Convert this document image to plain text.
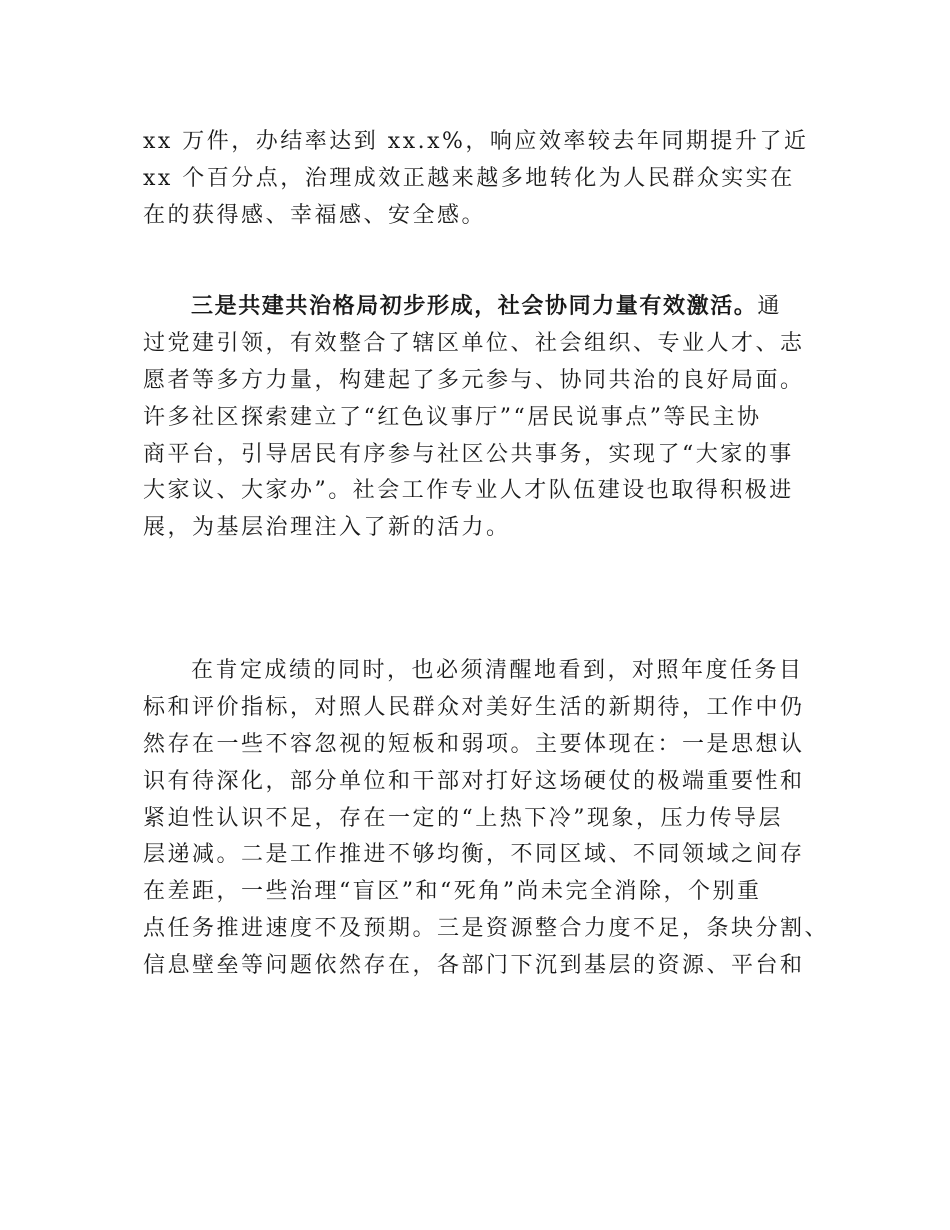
xx 万件，办结率达到 xx.x%，响应效率较去年同期提升了近
xx 个百分点，治理成效正越来越多地转化为人民群众实实在
在的获得感、幸福感、安全感。
三是共建共治格局初步形成，社会协同力量有效激活。通
过党建引领，有效整合了辖区单位、社会组织、专业人才、志
愿者等多方力量，构建起了多元参与、协同共治的良好局面。
许多社区探索建立了“红色议事厅”“居民说事点”等民主协
商平台，引导居民有序参与社区公共事务，实现了“大家的事
大家议、大家办”。社会工作专业人才队伍建设也取得积极进
展，为基层治理注入了新的活力。
在肯定成绩的同时，也必须清醒地看到，对照年度任务目
标和评价指标，对照人民群众对美好生活的新期待，工作中仍
然存在一些不容忽视的短板和弱项。主要体现在：一是思想认
识有待深化，部分单位和干部对打好这场硬仗的极端重要性和
紧迫性认识不足，存在一定的“上热下冷”现象，压力传导层
层递减。二是工作推进不够均衡，不同区域、不同领域之间存
在差距，一些治理“盲区”和“死角”尚未完全消除，个别重
点任务推进速度不及预期。三是资源整合力度不足，条块分割、
信息壁垒等问题依然存在，各部门下沉到基层的资源、平台和
